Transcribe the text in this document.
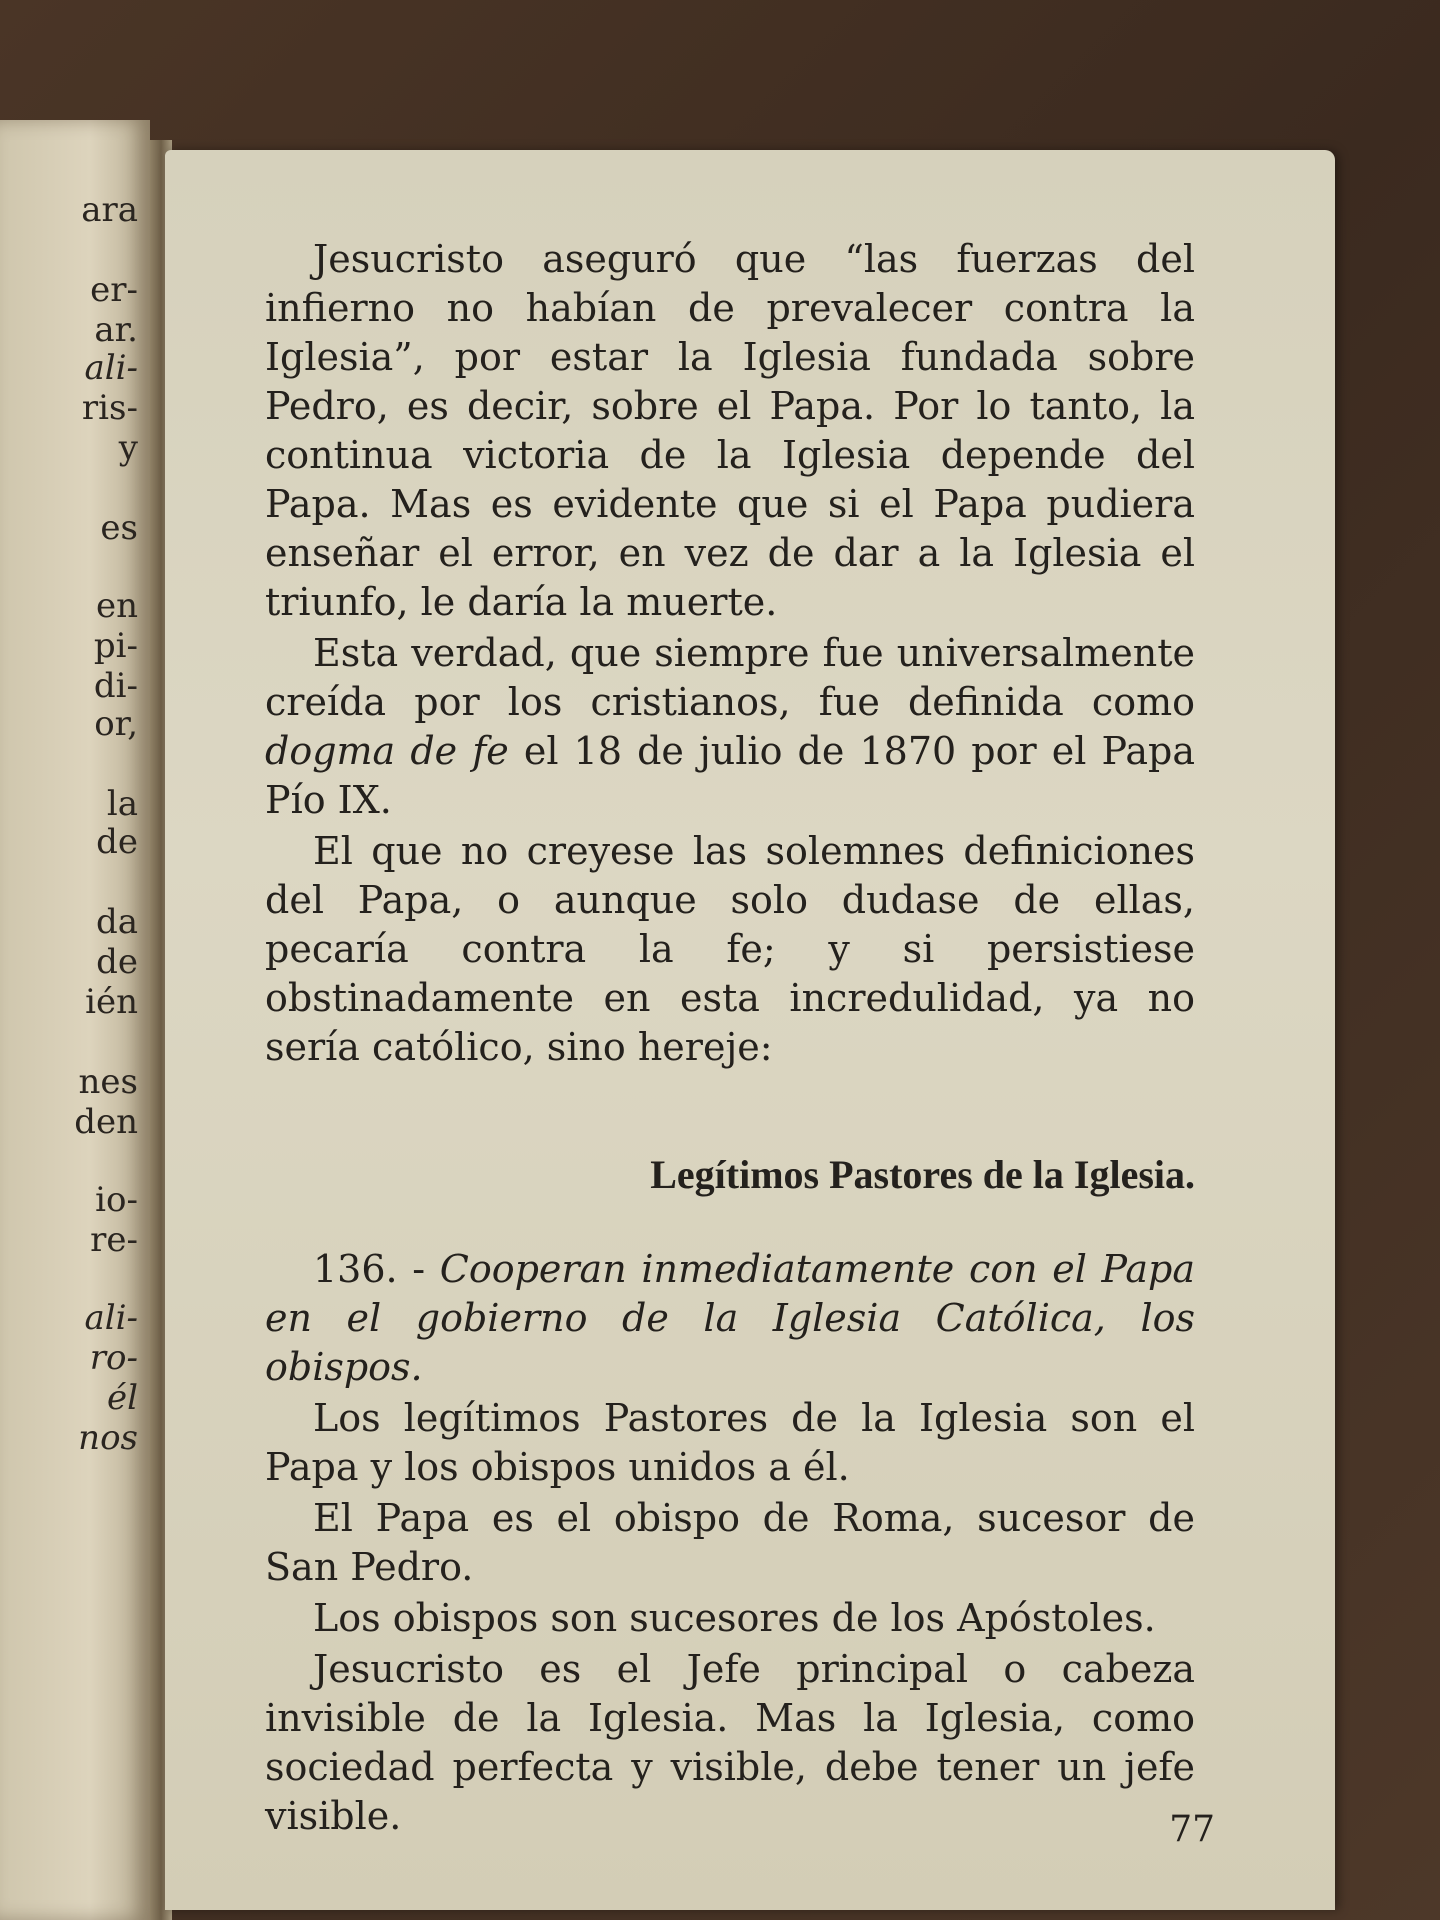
ara
er-
ar.
ali-
ris-
y
es
en
pi-
di-
or,
la
de
da
de
ién
nes
den
io-
re-
ali-
ro-
él
nos

Jesucristo aseguró que “las fuerzas del infierno no habían de prevalecer contra la Iglesia”, por estar la Iglesia fundada sobre Pedro, es decir, sobre el Papa. Por lo tanto, la continua victoria de la Iglesia depende del Papa. Mas es evidente que si el Papa pudiera enseñar el error, en vez de dar a la Iglesia el triunfo, le daría la muerte.

Esta verdad, que siempre fue universalmente creída por los cristianos, fue definida como dogma de fe el 18 de julio de 1870 por el Papa Pío IX.

El que no creyese las solemnes definiciones del Papa, o aunque solo dudase de ellas, pecaría contra la fe; y si persistiese obstinadamente en esta incredulidad, ya no sería católico, sino hereje:

Legítimos Pastores de la Iglesia.

136. - Cooperan inmediatamente con el Papa en el gobierno de la Iglesia Católica, los obispos.

Los legítimos Pastores de la Iglesia son el Papa y los obispos unidos a él.

El Papa es el obispo de Roma, sucesor de San Pedro.

Los obispos son sucesores de los Apóstoles.

Jesucristo es el Jefe principal o cabeza invisible de la Iglesia. Mas la Iglesia, como sociedad perfecta y visible, debe tener un jefe visible.	77
